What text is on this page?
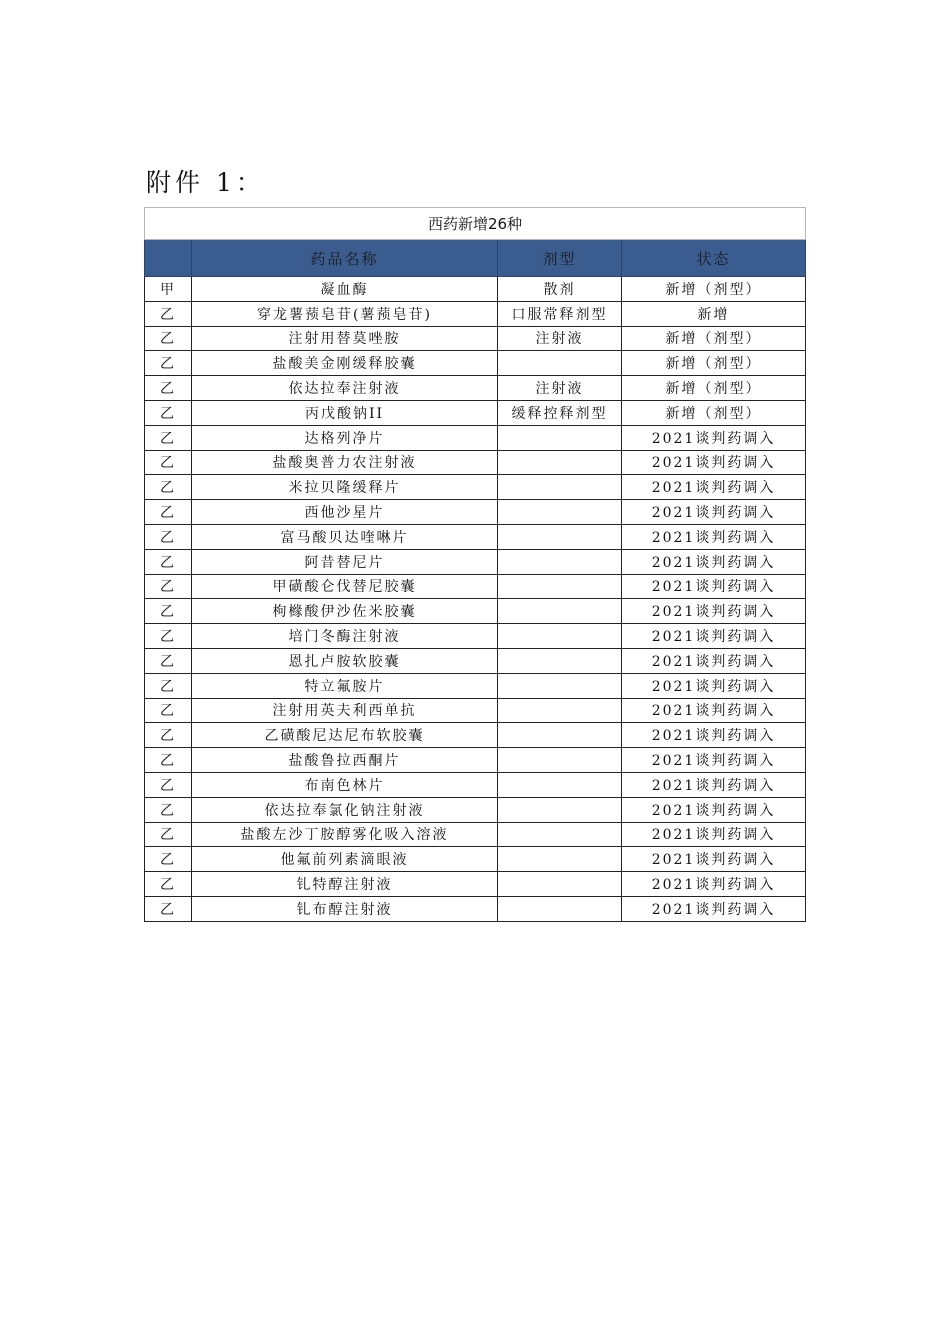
附件 1：
西药新增26种			
	药品名称	剂型	状态
甲	凝血酶	散剂	新增（剂型）
乙	穿龙薯蓣皂苷(薯蓣皂苷)	口服常释剂型	新增
乙	注射用替莫唑胺	注射液	新增（剂型）
乙	盐酸美金刚缓释胶囊		新增（剂型）
乙	依达拉奉注射液	注射液	新增（剂型）
乙	丙戊酸钠II	缓释控释剂型	新增（剂型）
乙	达格列净片		2021谈判药调入
乙	盐酸奥普力农注射液		2021谈判药调入
乙	米拉贝隆缓释片		2021谈判药调入
乙	西他沙星片		2021谈判药调入
乙	富马酸贝达喹啉片		2021谈判药调入
乙	阿昔替尼片		2021谈判药调入
乙	甲磺酸仑伐替尼胶囊		2021谈判药调入
乙	枸橼酸伊沙佐米胶囊		2021谈判药调入
乙	培门冬酶注射液		2021谈判药调入
乙	恩扎卢胺软胶囊		2021谈判药调入
乙	特立氟胺片		2021谈判药调入
乙	注射用英夫利西单抗		2021谈判药调入
乙	乙磺酸尼达尼布软胶囊		2021谈判药调入
乙	盐酸鲁拉西酮片		2021谈判药调入
乙	布南色林片		2021谈判药调入
乙	依达拉奉氯化钠注射液		2021谈判药调入
乙	盐酸左沙丁胺醇雾化吸入溶液		2021谈判药调入
乙	他氟前列素滴眼液		2021谈判药调入
乙	钆特醇注射液		2021谈判药调入
乙	钆布醇注射液		2021谈判药调入
